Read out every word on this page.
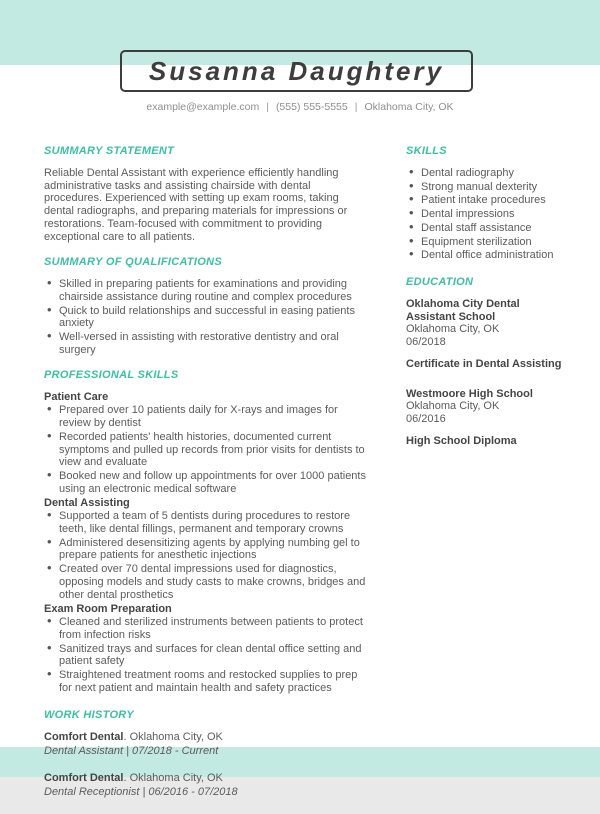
Susanna Daughtery
example@example.com | (555) 555-5555 | Oklahoma City, OK
SUMMARY STATEMENT

Reliable Dental Assistant with experience efficiently handling administrative tasks and assisting chairside with dental procedures. Experienced with setting up exam rooms, taking dental radiographs, and preparing materials for impressions or restorations. Team-focused with commitment to providing exceptional care to all patients.

SUMMARY OF QUALIFICATIONS
• Skilled in preparing patients for examinations and providing chairside assistance during routine and complex procedures
• Quick to build relationships and successful in easing patients anxiety
• Well-versed in assisting with restorative dentistry and oral surgery
PROFESSIONAL SKILLS
Patient Care
• Prepared over 10 patients daily for X-rays and images for review by dentist
• Recorded patients' health histories, documented current symptoms and pulled up records from prior visits for dentists to view and evaluate
• Booked new and follow up appointments for over 1000 patients using an electronic medical software
Dental Assisting
• Supported a team of 5 dentists during procedures to restore teeth, like dental fillings, permanent and temporary crowns
• Administered desensitizing agents by applying numbing gel to prepare patients for anesthetic injections
• Created over 70 dental impressions used for diagnostics, opposing models and study casts to make crowns, bridges and other dental prosthetics
Exam Room Preparation
• Cleaned and sterilized instruments between patients to protect from infection risks
• Sanitized trays and surfaces for clean dental office setting and patient safety
• Straightened treatment rooms and restocked supplies to prep for next patient and maintain health and safety practices
WORK HISTORY
Comfort Dental. Oklahoma City, OK
Dental Assistant | 07/2018 - Current
Comfort Dental. Oklahoma City, OK
Dental Receptionist | 06/2016 - 07/2018
SKILLS
• Dental radiography
• Strong manual dexterity
• Patient intake procedures
• Dental impressions
• Dental staff assistance
• Equipment sterilization
• Dental office administration
EDUCATION
Oklahoma City Dental Assistant School
Oklahoma City, OK
06/2018
Certificate in Dental Assisting
Westmoore High School
Oklahoma City, OK
06/2016
High School Diploma
